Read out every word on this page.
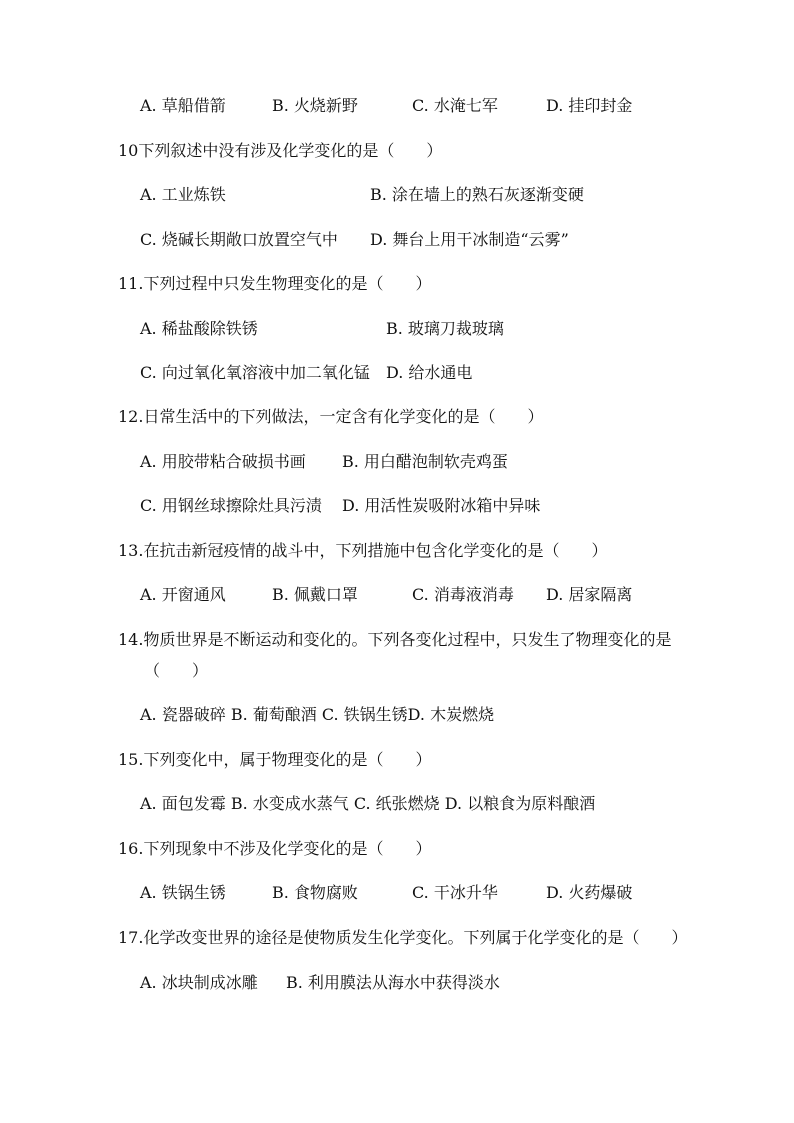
A. 草船借箭	B. 火烧新野	C. 水淹七军	D. 挂印封金
10下列叙述中没有涉及化学变化的是（　　）
A. 工业炼铁	B. 涂在墙上的熟石灰逐渐变硬
C. 烧碱长期敞口放置空气中 D. 舞台上用干冰制造“云雾”
11.下列过程中只发生物理变化的是（　　）
A. 稀盐酸除铁锈	B. 玻璃刀裁玻璃
C. 向过氧化氧溶液中加二氧化锰 D. 给水通电
12.日常生活中的下列做法，一定含有化学变化的是（　　）
A. 用胶带粘合破损书画 B. 用白醋泡制软壳鸡蛋
C. 用钢丝球擦除灶具污渍 D. 用活性炭吸附冰箱中异味
13.在抗击新冠疫情的战斗中，下列措施中包含化学变化的是（　　）
A. 开窗通风	B. 佩戴口罩	C. 消毒液消毒 D. 居家隔离
14.物质世界是不断运动和变化的。下列各变化过程中，只发生了物理变化的是
（　　）
A. 瓷器破碎 B. 葡萄酿酒 C. 铁锅生锈D. 木炭燃烧
15.下列变化中，属于物理变化的是（　　）
A. 面包发霉 B. 水变成水蒸气 C. 纸张燃烧 D. 以粮食为原料酿酒
16.下列现象中不涉及化学变化的是（　　）
A. 铁锅生锈	B. 食物腐败	C. 干冰升华	D. 火药爆破
17.化学改变世界的途径是使物质发生化学变化。下列属于化学变化的是（　　）
A. 冰块制成冰雕 B. 利用膜法从海水中获得淡水
